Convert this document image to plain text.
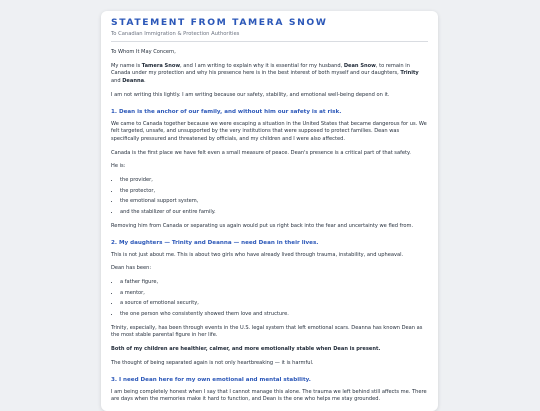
STATEMENT FROM TAMERA SNOW
To Canadian Immigration & Protection Authorities

To Whom It May Concern,

My name is Tamera Snow, and I am writing to explain why it is essential for my husband, Dean Snow, to remain in Canada under my protection and why his presence here is in the best interest of both myself and our daughters, Trinity and Deanna.

I am not writing this lightly. I am writing because our safety, stability, and emotional well-being depend on it.

1. Dean is the anchor of our family, and without him our safety is at risk.

We came to Canada together because we were escaping a situation in the United States that became dangerous for us. We felt targeted, unsafe, and unsupported by the very institutions that were supposed to protect families. Dean was specifically pressured and threatened by officials, and my children and I were also affected.

Canada is the first place we have felt even a small measure of peace. Dean's presence is a critical part of that safety.

He is:

• the provider,
• the protector,
• the emotional support system,
• and the stabilizer of our entire family.

Removing him from Canada or separating us again would put us right back into the fear and uncertainty we fled from.

2. My daughters — Trinity and Deanna — need Dean in their lives.

This is not just about me. This is about two girls who have already lived through trauma, instability, and upheaval.

Dean has been:

• a father figure,
• a mentor,
• a source of emotional security,
• the one person who consistently showed them love and structure.

Trinity, especially, has been through events in the U.S. legal system that left emotional scars. Deanna has known Dean as the most stable parental figure in her life.

Both of my children are healthier, calmer, and more emotionally stable when Dean is present.

The thought of being separated again is not only heartbreaking — it is harmful.

3. I need Dean here for my own emotional and mental stability.

I am being completely honest when I say that I cannot manage this alone. The trauma we left behind still affects me. There are days when the memories make it hard to function, and Dean is the one who helps me stay grounded.
